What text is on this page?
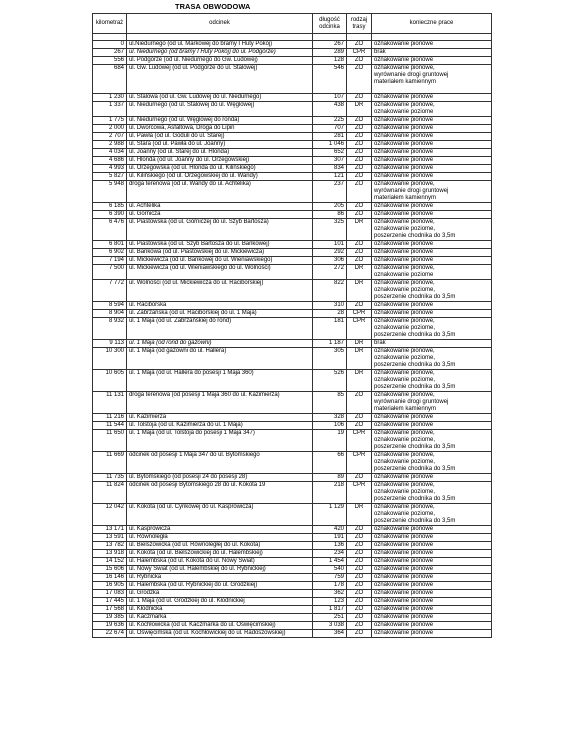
TRASA OBWODOWA
kilometraż	odcinek	długość odcinka	rodzaj trasy	konieczne prace

0	ul.Niedurnego (od ul. Markowej do bramy I Huty Pokój)	267	ZO	oznakowanie pionowe

267	ul. Niedurnego (od bramy I Huty Pokój) do ul. Podgórze)	289	CPR	brak

556	ul. Podgórze (od ul. Niedurnego do Gw. Ludowej)	128	ZO	oznakowanie pionowe

684	ul. Gw. Ludowej (od ul. Podgórze do ul. Stalowej)	546	ZO	oznakowanie pionowe,
wyrównanie drogi gruntowej
materiałem kamiennym

1 230	ul. Stalowa (od ul. Gw. Ludowej do ul. Niedurnego)	107	ZO	oznakowanie pionowe

1 337	ul. Niedurnego (od ul. Stalowej do ul. Węglowej)	438	DR	oznakowanie pionowe,
oznakowanie poziome

1 775	ul. Niedurnego (od ul. Węglowej do ronda)	225	ZO	oznakowanie pionowe

2 000	ul. Dworcowa, Asfaltowa, Droga do Lipin	707	ZO	oznakowanie pionowe

2 707	ul. Pawła (od ul. Goduli do ul. Starej)	281	ZO	oznakowanie pionowe

2 988	ul. Stara (od ul. Pawła do ul. Joanny)	1 046	ZO	oznakowanie pionowe

4 034	ul. Joanny (od ul. Starej do ul. Hlonda)	652	ZO	oznakowanie pionowe

4 686	ul. Hlonda (od ul. Joanny do ul. Orzegowskiej)	307	ZO	oznakowanie pionowe

4 993	ul. Orzegowska (od ul. Hlonda do ul. Kilińskiego)	834	ZO	oznakowanie pionowe

5 827	ul. Kilińskiego (od ul. Orzegowskiej do ul. Wandy)	121	ZO	oznakowanie pionowe

5 948	droga terenowa (od ul. Wandy do ul. Achtelika)	237	ZO	oznakowanie pionowe,
wyrównanie drogi gruntowej
materiałem kamiennym

6 185	ul. Achtelika	205	ZO	oznakowanie pionowe

6 390	ul. Górnicza	86	ZO	oznakowanie pionowe

6 476	ul. Piastowska (od ul. Górniczej do ul. Szyb Bartosza)	325	DR	oznakowanie pionowe,
oznakowanie poziome,
poszerzenie chodnika do 3,5m

6 801	ul. Piastowska (od ul. Szyb Bartosza do ul. Bankowej)	101	ZO	oznakowanie pionowe

6 902	ul. Bankowa (od ul. Piastowskiej do ul. Mickiewicza)	292	ZO	oznakowanie pionowe

7 194	ul. Mickiewicza (od ul. Bankowej do ul. Wieniawskiego)	306	ZO	oznakowanie pionowe

7 500	ul. Mickiewicza (od ul. Wieniawskiego do ul. Wolności)	272	DR	oznakowanie pionowe,
oznakowanie poziome

7 772	ul. Wolności (od ul. Mickiewicza do ul. Raciborskiej)	822	DR	oznakowanie pionowe,
oznakowanie poziome,
poszerzenie chodnika do 3,5m

8 594	ul. Raciborska	310	ZO	oznakowanie pionowe

8 904	ul. Zabrzańska (od ul. Raciborskiej do ul. 1 Maja)	28	CPR	oznakowanie pionowe

8 932	ul. 1 Maja (od ul. Zabrzańskiej do rond)	181	CPR	oznakowanie pionowe,
oznakowanie poziome,
poszerzenie chodnika do 3,5m

9 113	ul. 1 Maja (od rond do gazowni)	1 187	DR	brak

10 300	ul. 1 Maja (od gazowni do ul. Hallera)	305	DR	oznakowanie pionowe,
oznakowanie poziome,
poszerzenie chodnika do 3,5m

10 605	ul. 1 Maja (od ul. Hallera do posesji 1 Maja 360)	526	DR	oznakowanie pionowe,
oznakowanie poziome,
poszerzenie chodnika do 3,5m

11 131	droga terenowa (od posesji 1 Maja 360 do ul. Kazimierza)	85	ZO	oznakowanie pionowe,
wyrównanie drogi gruntowej
materiałem kamiennym

11 216	ul. Kazimierza	328	ZO	oznakowanie pionowe

11 544	ul. Tolstoja (od ul. Kazimierza do ul. 1 Maja)	106	ZO	oznakowanie pionowe

11 650	ul. 1 Maja (od ul. Tolstoja do posesji 1 Maja 347)	19	CPR	oznakowanie pionowe,
oznakowanie poziome,
poszerzenie chodnika do 3,5m

11 669	odcinek od posesji 1 Maja 347 do ul. Bytomskiego	66	CPR	oznakowanie pionowe,
oznakowanie poziome,
poszerzenie chodnika do 3,5m

11 735	ul. Bytomskiego (od posesji 24 do posesji 28)	89	ZO	oznakowanie pionowe

11 824	odcinek od posesji Bytomskiego 28 do ul. Kokota 19	218	CPR	oznakowanie pionowe,
oznakowanie poziome,
poszerzenie chodnika do 3,5m

12 042	ul. Kokota (od ul. Cynkowej do ul. Kasprowicza)	1 129	DR	oznakowanie pionowe,
oznakowanie poziome,
poszerzenie chodnika do 3,5m

13 171	ul. Kasprowicza	420	ZO	oznakowanie pionowe

13 591	ul. Równoległa	191	ZO	oznakowanie pionowe

13 782	ul. Bielszowicka (od ul. Równoległej do ul. Kokota)	136	ZO	oznakowanie pionowe

13 918	ul. Kokota (od ul. Bielszowickiej do ul. Halembskiej)	234	ZO	oznakowanie pionowe

14 152	ul. Halembska (od ul. Kokota do ul. Nowy Świat)	1 454	ZO	oznakowanie pionowe

15 606	ul. Nowy Świat (od ul. Halembskiej do ul. Rybnickiej)	540	ZO	oznakowanie pionowe

16 146	ul. Rybnicka	759	ZO	oznakowanie pionowe

16 905	ul. Halembska (od ul. Rybnickiej do ul. Grodzkiej)	178	ZO	oznakowanie pionowe

17 083	ul. Grodzka	362	ZO	oznakowanie pionowe

17 445	ul. 1 Maja (od ul. Grodzkiej do ul. Kłodnickiej	123	ZO	oznakowanie pionowe

17 568	ul. Kłodnicka	1 817	ZO	oznakowanie pionowe

19 385	ul. Kaczmarka	251	ZO	oznakowanie pionowe

19 636	ul. Kochłowicka (od ul. Kaczmarka do ul. Oświęcimskiej)	3 038	ZO	oznakowanie pionowe

22 674	ul. Oświęcimska (od ul. Kochłowickiej do ul. Radoszowskiej)	364	ZO	oznakowanie pionowe
